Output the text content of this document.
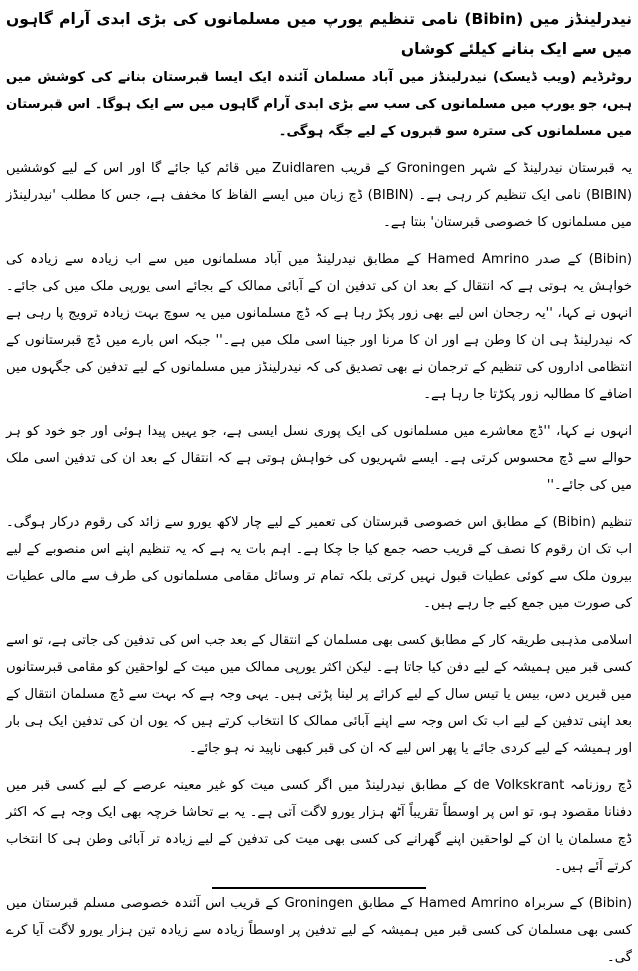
نیدرلینڈز میں (Bibin) نامی تنظیم یورپ میں مسلمانوں کی بڑی ابدی آرام گاہوں میں سے ایک بنانے کیلئے کوشاں

روٹرڈیم (ویب ڈیسک) نیدرلینڈز میں آباد مسلمان آئندہ ایک ایسا قبرستان بنانے کی کوشش میں ہیں، جو یورپ میں مسلمانوں کی سب سے بڑی ابدی آرام گاہوں میں سے ایک ہوگا۔ اس قبرستان میں مسلمانوں کی سترہ سو قبروں کے لیے جگہ ہوگی۔

یہ قبرستان نیدرلینڈ کے شہر Groningen کے قریب Zuidlaren میں قائم کیا جائے گا اور اس کے لیے کوششیں (BIBIN) نامی ایک تنظیم کر رہی ہے۔ (BIBIN) ڈچ زبان میں ایسے الفاظ کا مخفف ہے، جس کا مطلب 'نیدرلینڈز میں مسلمانوں کا خصوصی قبرستان' بنتا ہے۔

(Bibin) کے صدر Hamed Amrino کے مطابق نیدرلینڈ میں آباد مسلمانوں میں سے اب زیادہ سے زیادہ کی خواہش یہ ہوتی ہے کہ انتقال کے بعد ان کی تدفین ان کے آبائی ممالک کے بجائے اسی یورپی ملک میں کی جائے۔ انہوں نے کہا، ''یہ رجحان اس لیے بھی زور پکڑ رہا ہے کہ ڈچ مسلمانوں میں یہ سوچ بہت زیادہ ترویج پا رہی ہے کہ نیدرلینڈ ہی ان کا وطن ہے اور ان کا مرنا اور جینا اسی ملک میں ہے۔'' جبکہ اس بارے میں ڈچ قبرستانوں کے انتظامی اداروں کی تنظیم کے ترجمان نے بھی تصدیق کی کہ نیدرلینڈز میں مسلمانوں کے لیے تدفین کی جگہوں میں اضافے کا مطالبہ زور پکڑتا جا رہا ہے۔

انہوں نے کہا، ''ڈچ معاشرے میں مسلمانوں کی ایک پوری نسل ایسی ہے، جو یہیں پیدا ہوئی اور جو خود کو ہر حوالے سے ڈچ محسوس کرتی ہے۔ ایسے شہریوں کی خواہش ہوتی ہے کہ انتقال کے بعد ان کی تدفین اسی ملک میں کی جائے۔''

تنظیم (Bibin) کے مطابق اس خصوصی قبرستان کی تعمیر کے لیے چار لاکھ یورو سے زائد کی رقوم درکار ہوگی۔ اب تک ان رقوم کا نصف کے قریب حصہ جمع کیا جا چکا ہے۔ اہم بات یہ ہے کہ یہ تنظیم اپنے اس منصوبے کے لیے بیرون ملک سے کوئی عطیات قبول نہیں کرتی بلکہ تمام تر وسائل مقامی مسلمانوں کی طرف سے مالی عطیات کی صورت میں جمع کیے جا رہے ہیں۔

اسلامی مذہبی طریقہ کار کے مطابق کسی بھی مسلمان کے انتقال کے بعد جب اس کی تدفین کی جاتی ہے، تو اسے کسی قبر میں ہمیشہ کے لیے دفن کیا جاتا ہے۔ لیکن اکثر یورپی ممالک میں میت کے لواحقین کو مقامی قبرستانوں میں قبریں دس، بیس یا تیس سال کے لیے کرائے پر لینا پڑتی ہیں۔ یہی وجہ ہے کہ بہت سے ڈچ مسلمان انتقال کے بعد اپنی تدفین کے لیے اب تک اس وجہ سے اپنے آبائی ممالک کا انتخاب کرتے ہیں کہ یوں ان کی تدفین ایک ہی بار اور ہمیشہ کے لیے کردی جائے یا پھر اس لیے کہ ان کی قبر کبھی ناپید نہ ہو جائے۔

ڈچ روزنامہ de Volkskrant کے مطابق نیدرلینڈ میں اگر کسی میت کو غیر معینہ عرصے کے لیے کسی قبر میں دفنانا مقصود ہو، تو اس پر اوسطاً تقریباً آٹھ ہزار یورو لاگت آتی ہے۔ یہ بے تحاشا خرچہ بھی ایک وجہ ہے کہ اکثر ڈچ مسلمان یا ان کے لواحقین اپنے گھرانے کی کسی بھی میت کی تدفین کے لیے زیادہ تر آبائی وطن ہی کا انتخاب کرتے آئے ہیں۔

(Bibin) کے سربراہ Hamed Amrino کے مطابق Groningen کے قریب اس آئندہ خصوصی مسلم قبرستان میں کسی بھی مسلمان کی کسی قبر میں ہمیشہ کے لیے تدفین پر اوسطاً زیادہ سے زیادہ تین ہزار یورو لاگت آیا کرے گی۔
